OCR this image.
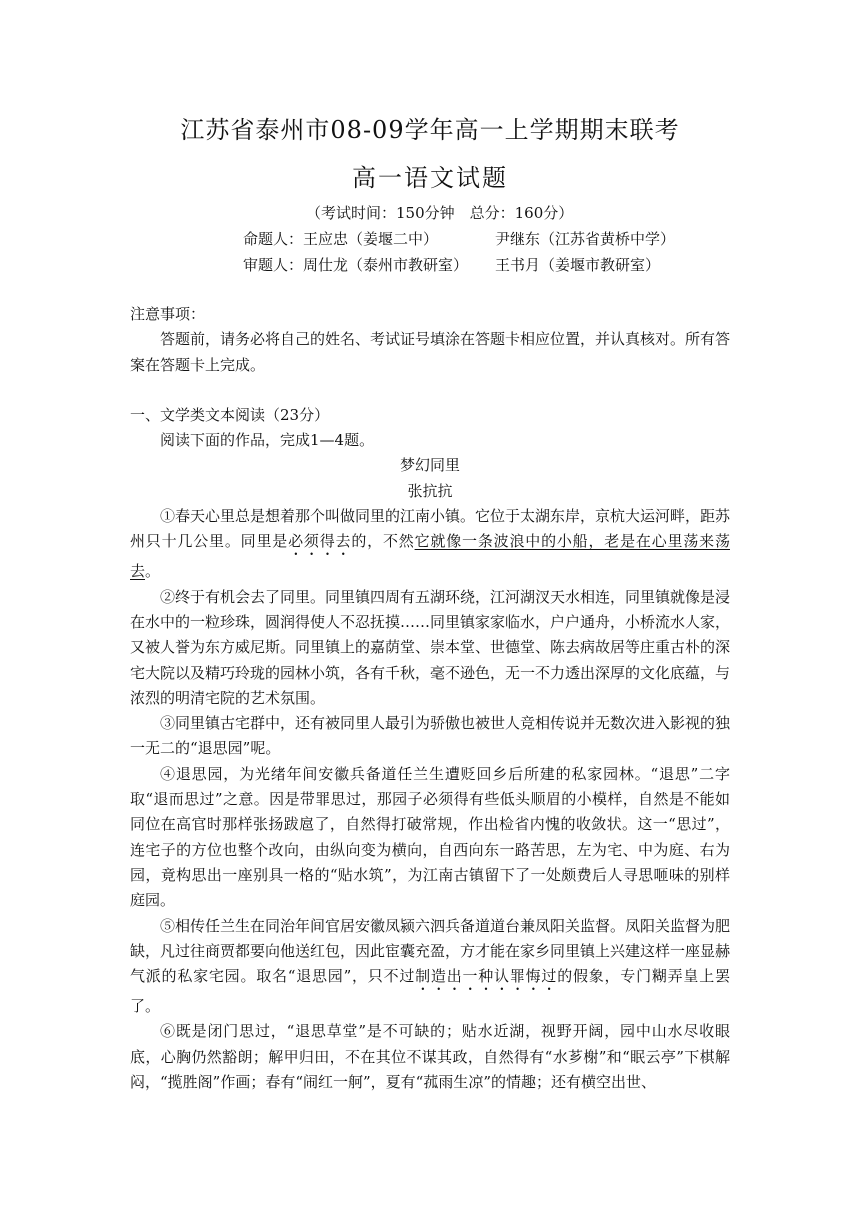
江苏省泰州市08-09学年高一上学期期末联考
高一语文试题
（考试时间：150分钟　总分：160分）
命题人：王应忠（姜堰二中）	尹继东（江苏省黄桥中学）
审题人：周仕龙（泰州市教研室） 王书月（姜堰市教研室）

注意事项：

答题前，请务必将自己的姓名、考试证号填涂在答题卡相应位置，并认真核对。所有答案在答题卡上完成。

一、文学类文本阅读（23分）

阅读下面的作品，完成1—4题。

梦幻同里

张抗抗

①春天心里总是想着那个叫做同里的江南小镇。它位于太湖东岸，京杭大运河畔，距苏州只十几公里。同里是必须得去的，不然它就像一条波浪中的小船，老是在心里荡来荡去。

②终于有机会去了同里。同里镇四周有五湖环绕，江河湖汊天水相连，同里镇就像是浸在水中的一粒珍珠，圆润得使人不忍抚摸……同里镇家家临水，户户通舟，小桥流水人家，又被人誉为东方威尼斯。同里镇上的嘉荫堂、崇本堂、世德堂、陈去病故居等庄重古朴的深宅大院以及精巧玲珑的园林小筑，各有千秋，毫不逊色，无一不力透出深厚的文化底蕴，与浓烈的明清宅院的艺术氛围。

③同里镇古宅群中，还有被同里人最引为骄傲也被世人竞相传说并无数次进入影视的独一无二的“退思园”呢。

④退思园，为光绪年间安徽兵备道任兰生遭贬回乡后所建的私家园林。“退思”二字取“退而思过”之意。因是带罪思过，那园子必须得有些低头顺眉的小模样，自然是不能如同位在高官时那样张扬跋扈了，自然得打破常规，作出检省内愧的收敛状。这一“思过”，连宅子的方位也整个改向，由纵向变为横向，自西向东一路苦思，左为宅、中为庭、右为园，竟构思出一座别具一格的“贴水筑”，为江南古镇留下了一处颇费后人寻思咂味的别样庭园。

⑤相传任兰生在同治年间官居安徽凤颍六泗兵备道道台兼凤阳关监督。凤阳关监督为肥缺，凡过往商贾都要向他送红包，因此宦囊充盈，方才能在家乡同里镇上兴建这样一座显赫气派的私家宅园。取名“退思园”，只不过制造出一种认罪悔过的假象，专门糊弄皇上罢了。

⑥既是闭门思过，“退思草堂”是不可缺的；贴水近湖，视野开阔，园中山水尽收眼底，心胸仍然豁朗；解甲归田，不在其位不谋其政，自然得有“水芗榭”和“眠云亭”下棋解闷，“揽胜阁”作画；春有“闹红一舸”，夏有“菰雨生凉”的情趣；还有横空出世、
